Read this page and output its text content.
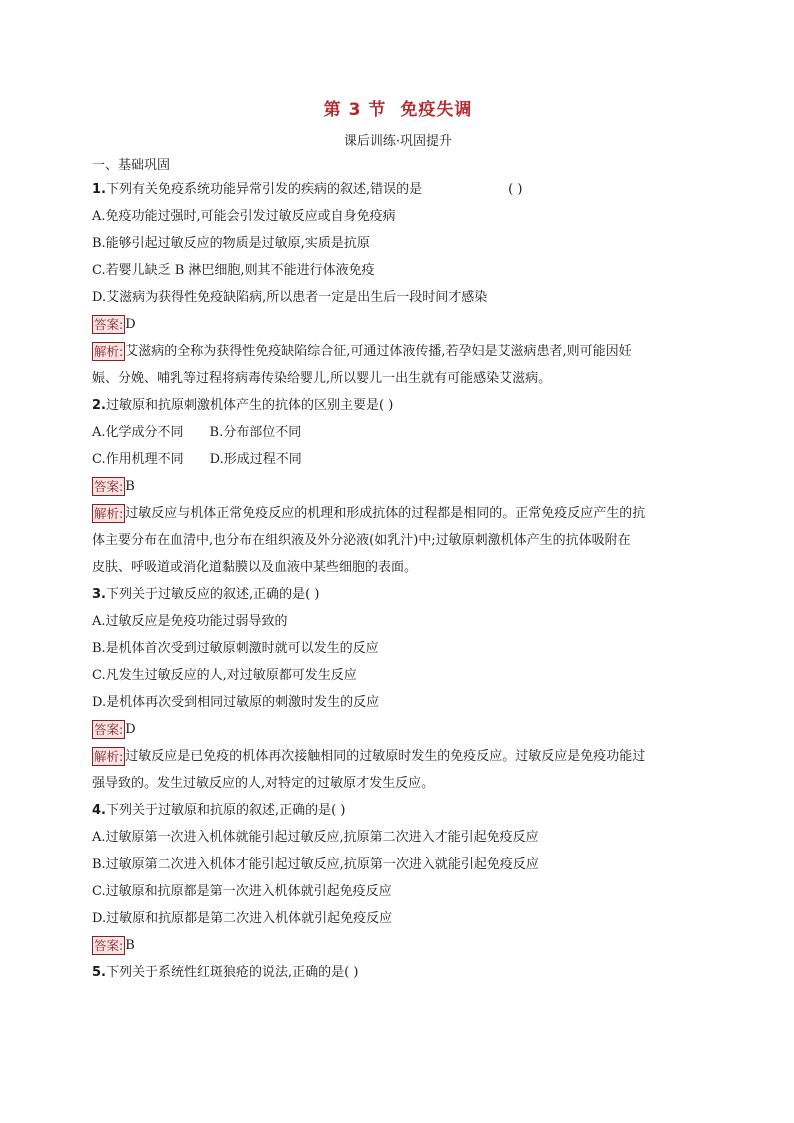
第 3 节 免疫失调
课后训练·巩固提升
一、基础巩固
1.下列有关免疫系统功能异常引发的疾病的叙述,错误的是	( )
A.免疫功能过强时,可能会引发过敏反应或自身免疫病
B.能够引起过敏反应的物质是过敏原,实质是抗原
C.若婴儿缺乏 B 淋巴细胞,则其不能进行体液免疫
D.艾滋病为获得性免疫缺陷病,所以患者一定是出生后一段时间才感染
答案: D
解析: 艾滋病的全称为获得性免疫缺陷综合征,可通过体液传播,若孕妇是艾滋病患者,则可能因妊
娠、分娩、哺乳等过程将病毒传染给婴儿,所以婴儿一出生就有可能感染艾滋病。
2.过敏原和抗原刺激机体产生的抗体的区别主要是( )
A.化学成分不同 B.分布部位不同
C.作用机理不同 D.形成过程不同
答案: B
解析: 过敏反应与机体正常免疫反应的机理和形成抗体的过程都是相同的。正常免疫反应产生的抗
体主要分布在血清中,也分布在组织液及外分泌液(如乳汁)中;过敏原刺激机体产生的抗体吸附在
皮肤、呼吸道或消化道黏膜以及血液中某些细胞的表面。
3.下列关于过敏反应的叙述,正确的是( )
A.过敏反应是免疫功能过弱导致的
B.是机体首次受到过敏原刺激时就可以发生的反应
C.凡发生过敏反应的人,对过敏原都可发生反应
D.是机体再次受到相同过敏原的刺激时发生的反应
答案: D
解析: 过敏反应是已免疫的机体再次接触相同的过敏原时发生的免疫反应。过敏反应是免疫功能过
强导致的。发生过敏反应的人,对特定的过敏原才发生反应。
4.下列关于过敏原和抗原的叙述,正确的是( )
A.过敏原第一次进入机体就能引起过敏反应,抗原第二次进入才能引起免疫反应
B.过敏原第二次进入机体才能引起过敏反应,抗原第一次进入就能引起免疫反应
C.过敏原和抗原都是第一次进入机体就引起免疫反应
D.过敏原和抗原都是第二次进入机体就引起免疫反应
答案: B
5.下列关于系统性红斑狼疮的说法,正确的是( )
